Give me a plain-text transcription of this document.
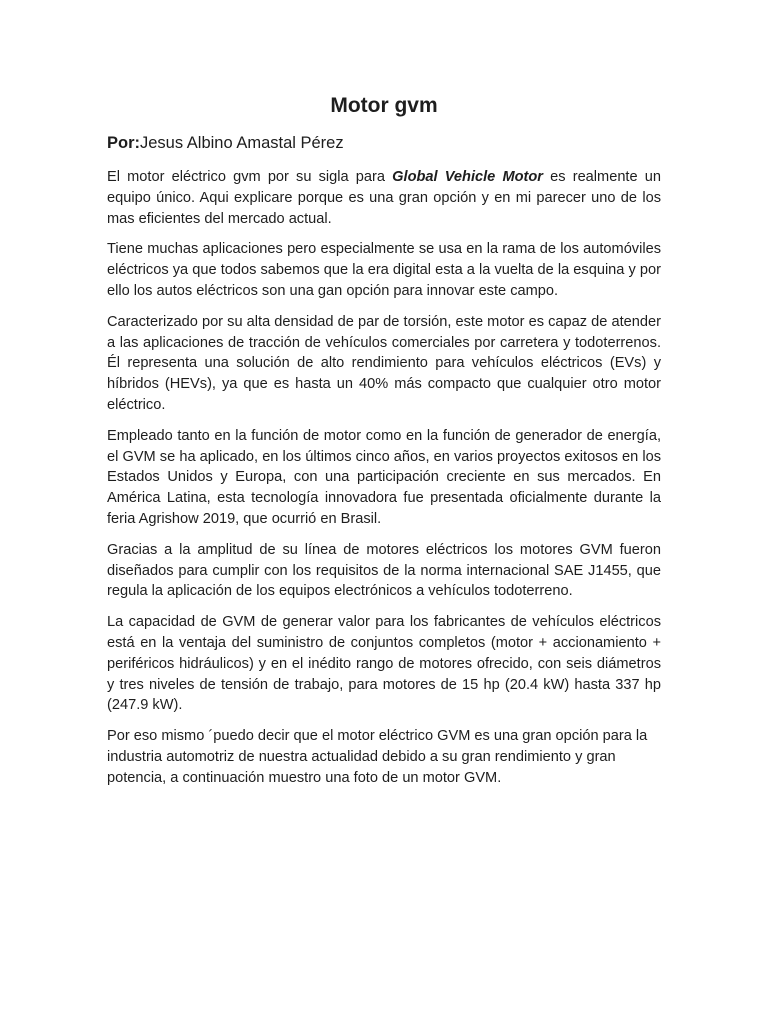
Motor gvm

Por:Jesus Albino Amastal Pérez

El motor eléctrico gvm por su sigla para Global Vehicle Motor es realmente un equipo único. Aqui explicare porque es una gran opción y en mi parecer uno de los mas eficientes del mercado actual.

Tiene muchas aplicaciones pero especialmente se usa en la rama de los automóviles eléctricos ya que todos sabemos que la era digital esta a la vuelta de la esquina y por ello los autos eléctricos son una gan opción para innovar este campo.

Caracterizado por su alta densidad de par de torsión, este motor es capaz de atender a las aplicaciones de tracción de vehículos comerciales por carretera y todoterrenos. Él representa una solución de alto rendimiento para vehículos eléctricos (EVs) y híbridos (HEVs), ya que es hasta un 40% más compacto que cualquier otro motor eléctrico.

Empleado tanto en la función de motor como en la función de generador de energía, el GVM se ha aplicado, en los últimos cinco años, en varios proyectos exitosos en los Estados Unidos y Europa, con una participación creciente en sus mercados. En América Latina, esta tecnología innovadora fue presentada oficialmente durante la feria Agrishow 2019, que ocurrió en Brasil.

Gracias a la amplitud de su línea de motores eléctricos los motores GVM fueron diseñados para cumplir con los requisitos de la norma internacional SAE J1455, que regula la aplicación de los equipos electrónicos a vehículos todoterreno.

La capacidad de GVM de generar valor para los fabricantes de vehículos eléctricos está en la ventaja del suministro de conjuntos completos (motor + accionamiento + periféricos hidráulicos) y en el inédito rango de motores ofrecido, con seis diámetros y tres niveles de tensión de trabajo, para motores de 15 hp (20.4 kW) hasta 337 hp (247.9 kW).

Por eso mismo ´puedo decir que el motor eléctrico GVM es una gran opción para la industria automotriz de nuestra actualidad debido a su gran rendimiento y gran potencia, a continuación muestro una foto de un motor GVM.
